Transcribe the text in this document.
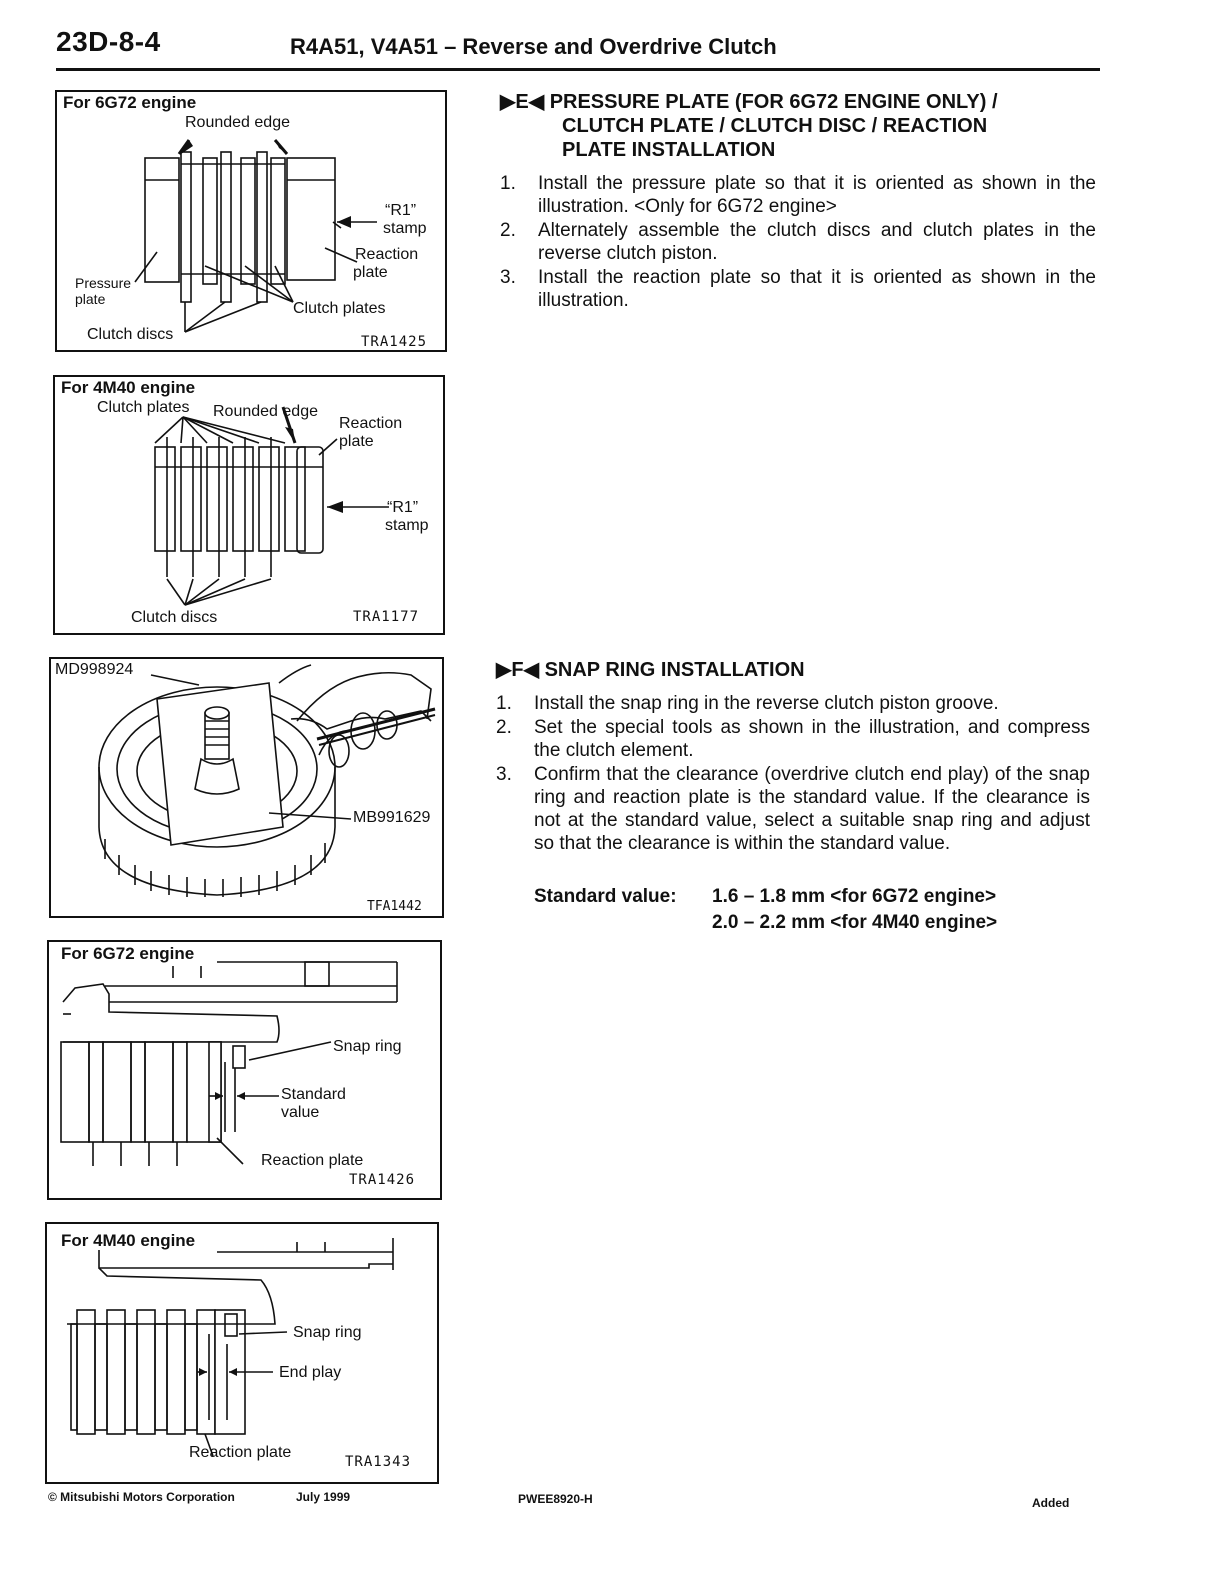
23D-8-4	R4A51, V4A51 – Reverse and Overdrive Clutch
For 6G72 engine
Rounded edge
“R1”
stamp
Reaction
plate
Pressure
plate
Clutch plates
Clutch discs	TRA1425
For 4M40 engine
Clutch plates Rounded edge
Reaction
plate
“R1”
stamp
Clutch discs	TRA1177
MD998924
MB991629
TFA1442
For 6G72 engine
Snap ring
Standard
value
Reaction plate
TRA1426
For 4M40 engine
Snap ring
End play
Reaction plate
TRA1343
▶E◀ PRESSURE PLATE (FOR 6G72 ENGINE ONLY) /
CLUTCH PLATE / CLUTCH DISC / REACTION
PLATE INSTALLATION
1. Install the pressure plate so that it is oriented as shown in the illustration. <Only for 6G72 engine>
2. Alternately assemble the clutch discs and clutch plates in the reverse clutch piston.
3. Install the reaction plate so that it is oriented as shown in the illustration.
▶F◀ SNAP RING INSTALLATION
1. Install the snap ring in the reverse clutch piston groove.
2. Set the special tools as shown in the illustration, and compress the clutch element.
3. Confirm that the clearance (overdrive clutch end play) of the snap ring and reaction plate is the standard value. If the clearance is not at the standard value, select a suitable snap ring and adjust so that the clearance is within the standard value.
Standard value: 1.6 – 1.8 mm <for 6G72 engine>
2.0 – 2.2 mm <for 4M40 engine>
© Mitsubishi Motors Corporation	July 1999	PWEE8920-H	Added
